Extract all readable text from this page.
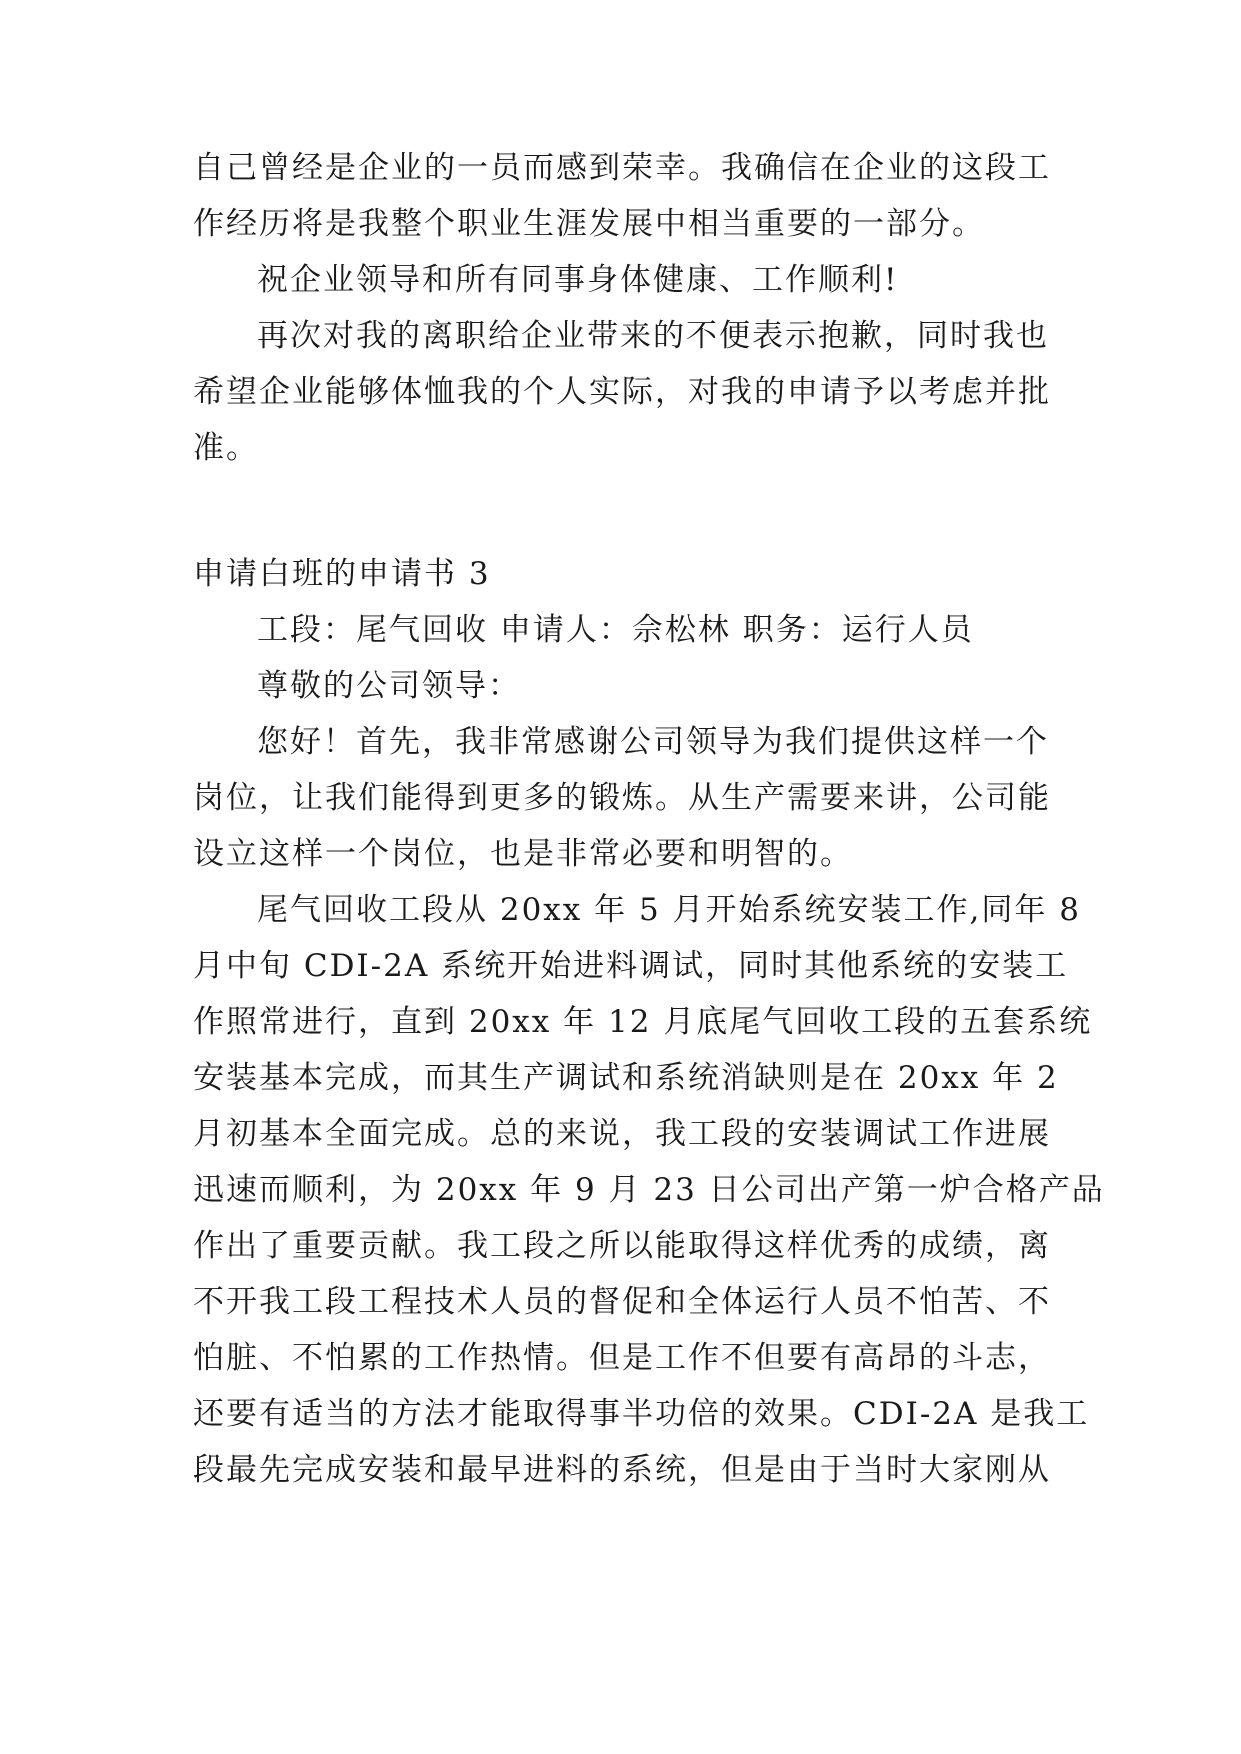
自己曾经是企业的一员而感到荣幸。我确信在企业的这段工
作经历将是我整个职业生涯发展中相当重要的一部分。
祝企业领导和所有同事身体健康、工作顺利!
再次对我的离职给企业带来的不便表示抱歉，同时我也
希望企业能够体恤我的个人实际，对我的申请予以考虑并批
准。
申请白班的申请书 3
工段：尾气回收 申请人：佘松林 职务：运行人员
尊敬的公司领导：
您好！首先，我非常感谢公司领导为我们提供这样一个
岗位，让我们能得到更多的锻炼。从生产需要来讲，公司能
设立这样一个岗位，也是非常必要和明智的。
尾气回收工段从 20xx 年 5 月开始系统安装工作,同年 8
月中旬 CDI-2A 系统开始进料调试，同时其他系统的安装工
作照常进行，直到 20xx 年 12 月底尾气回收工段的五套系统
安装基本完成，而其生产调试和系统消缺则是在 20xx 年 2
月初基本全面完成。总的来说，我工段的安装调试工作进展
迅速而顺利，为 20xx 年 9 月 23 日公司出产第一炉合格产品
作出了重要贡献。我工段之所以能取得这样优秀的成绩，离
不开我工段工程技术人员的督促和全体运行人员不怕苦、不
怕脏、不怕累的工作热情。但是工作不但要有高昂的斗志，
还要有适当的方法才能取得事半功倍的效果。CDI-2A 是我工
段最先完成安装和最早进料的系统，但是由于当时大家刚从
